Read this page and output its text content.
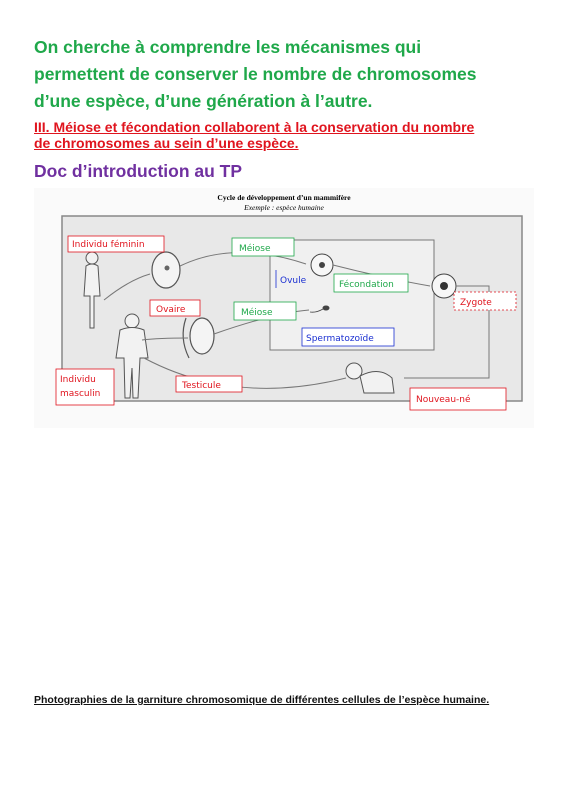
On cherche à comprendre les mécanismes qui
permettent de conserver le nombre de chromosomes
d’une espèce, d’une génération à l’autre.
III. Méiose et fécondation collaborent à la conservation du nombre
de chromosomes au sein d’une espèce.
Doc d’introduction au TP
Cycle de développement d’un mammifère
Exemple : espèce humaine
Individu féminin
Individu
masculin
Ovaire
Testicule
Méiose
Méiose
Ovule	Fécondation
Spermatozoïde
Zygote
Nouveau-né
Photographies de la garniture chromosomique de différentes cellules de l’espèce humaine.
